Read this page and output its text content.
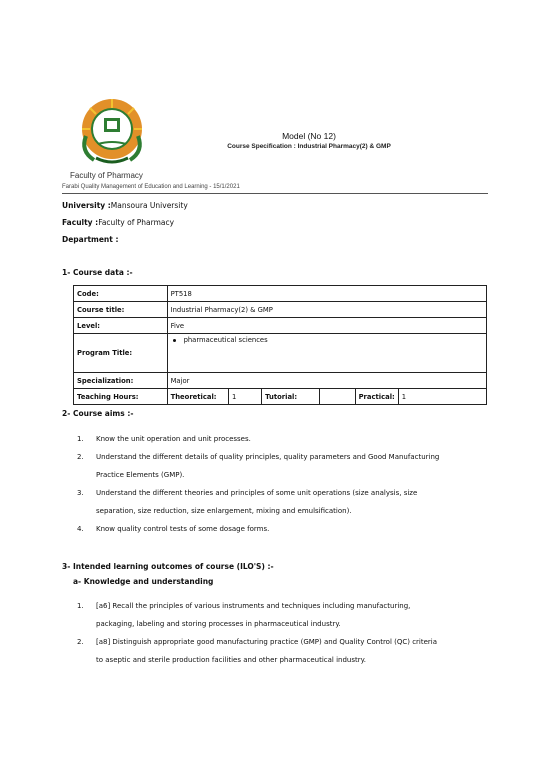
Faculty of Pharmacy
Model (No 12)
Course Specification : Industrial Pharmacy(2) & GMP
Farabi Quality Management of Education and Learning - 15/1/2021
University :Mansoura University
Faculty :Faculty of Pharmacy
Department :
1- Course data :-
Code:	PT518					
Course title:	Industrial Pharmacy(2) & GMP					
Level:	Five					
Program Title:	pharmaceutical sciences					

Specialization:	Major					
Teaching Hours:	Theoretical:	1	Tutorial:		Practical:	1
2- Course aims :-
1.	Know the unit operation and unit processes.
2.	Understand the different details of quality principles, quality parameters and Good Manufacturing
Practice Elements (GMP).
3.	Understand the different theories and principles of some unit operations (size analysis, size
separation, size reduction, size enlargement, mixing and emulsification).
4.	Know quality control tests of some dosage forms.
3- Intended learning outcomes of course (ILO'S) :-
a- Knowledge and understanding
1.	[a6] Recall the principles of various instruments and techniques including manufacturing,
packaging, labeling and storing processes in pharmaceutical industry.
2.	[a8] Distinguish appropriate good manufacturing practice (GMP) and Quality Control (QC) criteria
to aseptic and sterile production facilities and other pharmaceutical industry.
